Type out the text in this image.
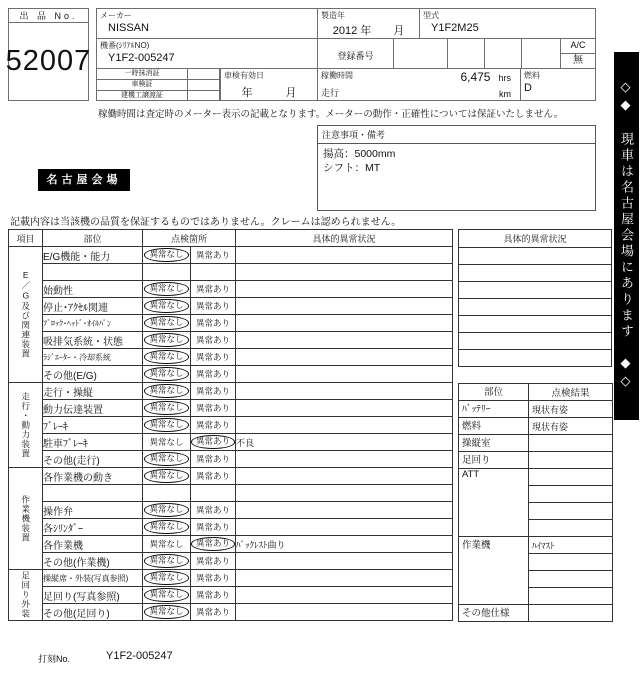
出 品 No.
52007
メーカー
NISSAN
製造年
2012 年　　月
型式
Y1F2M25
機番(ｼﾘｱﾙNO)
Y1F2-005247	登録番号
A/C
無
一時抹消証
車検証
建機工譲渡証
車検有効日
年　　　月
稼働時間	6,475 hrs
走行	km
燃料
D
稼働時間は査定時のメーター表示の記載となります。メーターの動作・正確性については保証いたしません。
注意事項・備考
揚高：5000mm
シフト：MT
名古屋会場
記載内容は当該機の品質を保証するものではありません。クレームは認められません。
項目	部位	点検箇所		具体的異常状況

E／G及び関連装置	E/G機能・能力	異常なし	異常あり	

	始動性	異常なし	異常あり	
	停止･ｱｸｾﾙ関連	異常なし	異常あり	
	ﾌﾞﾛｯｸ･ﾍｯﾄﾞ･ｵｲﾙﾊﾟﾝ	異常なし	異常あり	
	吸排気系統・状態	異常なし	異常あり	
	ﾗｼﾞｴｰﾀｰ・冷却系統	異常なし	異常あり	
	その他(E/G)	異常なし	異常あり	

走行・動力装置	走行・操縦	異常なし	異常あり	
	動力伝達装置	異常なし	異常あり	
	ﾌﾞﾚｰｷ	異常なし	異常あり	
	駐車ﾌﾞﾚｰｷ	異常なし	異常あり	不良
	その他(走行)	異常なし	異常あり	

作業機装置	各作業機の動き	異常なし	異常あり	

	操作弁	異常なし	異常あり	
	各ｼﾘﾝﾀﾞｰ	異常なし	異常あり	
	各作業機	異常なし	異常あり	ﾊﾞｯｸﾚｽﾄ曲り
	その他(作業機)	異常なし	異常あり	

足回り外装	操縦席・外装(写真参照)	異常なし	異常あり	
	足回り(写真参照)	異常なし	異常あり	
	その他(足回り)	異常なし	異常あり	
具体的異常状況

部位	点検結果
ﾊﾞｯﾃﾘｰ	現状有姿
燃料	現状有姿
操縦室	
足回り	
ATT	

作業機	ﾊｲﾏｽﾄ

その他仕様	
◇◆　現車は名古屋会場にあります　◆◇
打刻No.	Y1F2-005247
